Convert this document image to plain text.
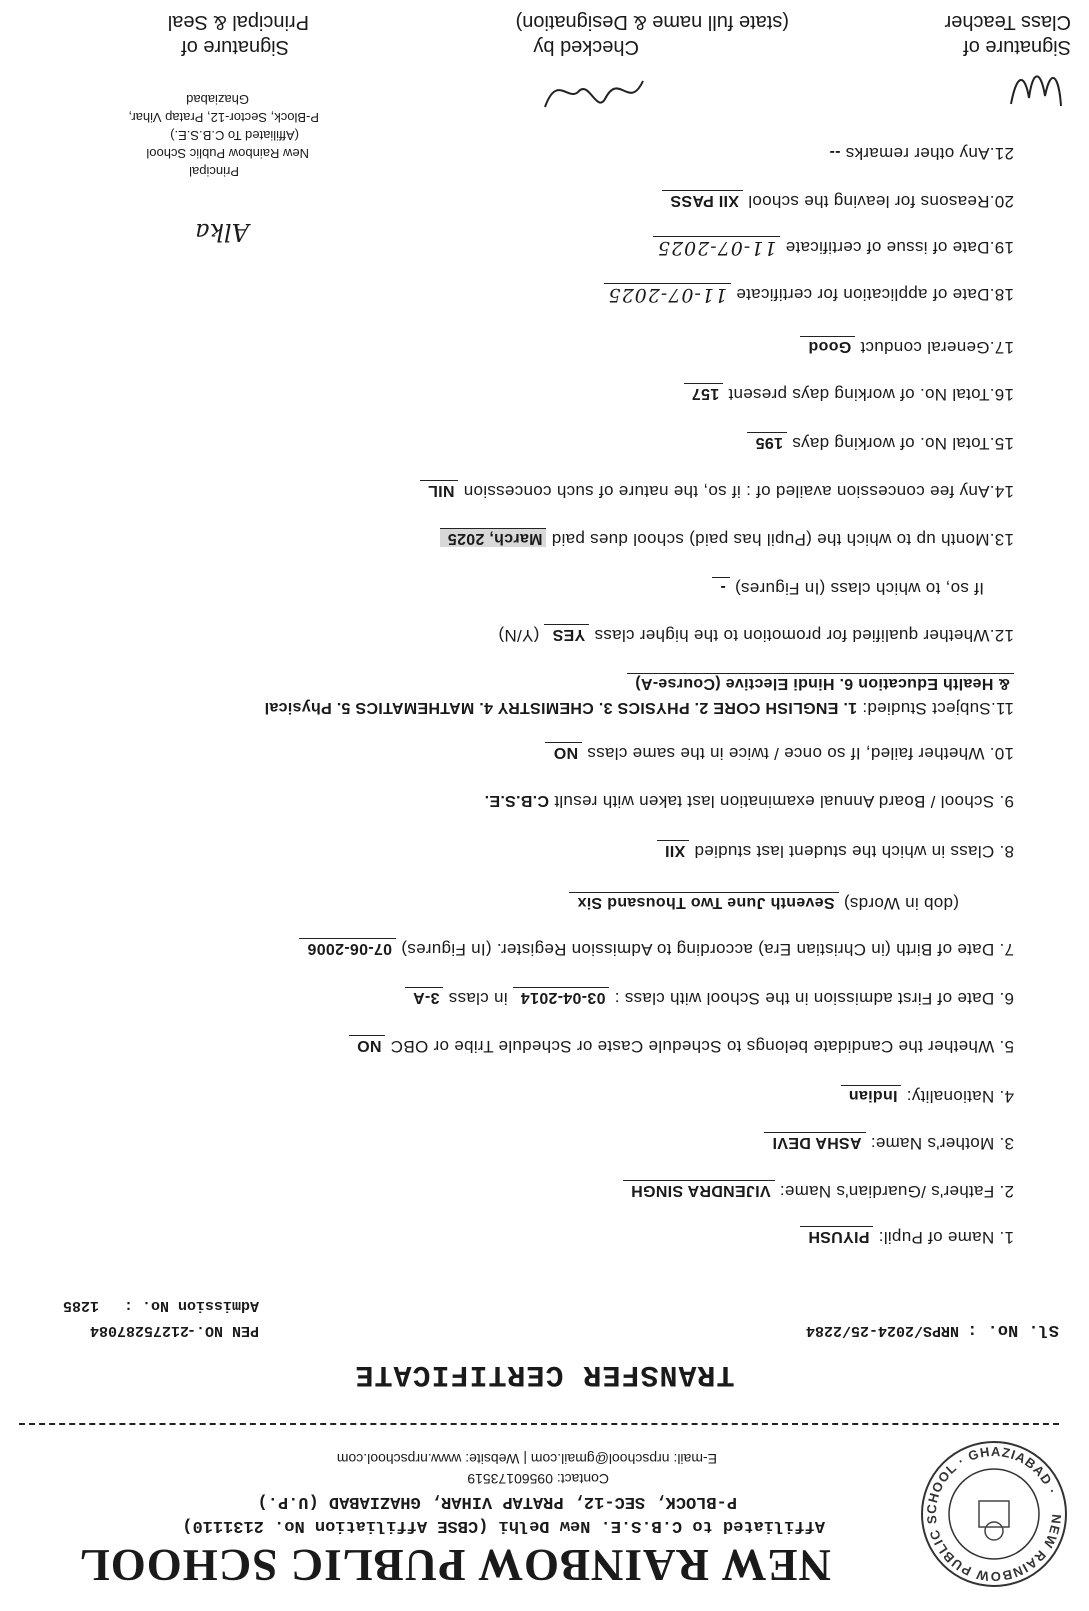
NEW RAINBOW PUBLIC SCHOOL · GHAZIABAD ·
NEW RAINBOW PUBLIC SCHOOL
Affiliated to C.B.S.E. New Delhi (CBSE Affiliation No. 2131110)
P-BLOCK, SEC-12, PRATAP VIHAR, GHAZIABAD (U.P.)
Contact: 09560173519
E-mail: nrpschool@gmail.com | Website: www.nrpschool.com
TRANSFER CERTIFICATE
Sl. No. :
NRPS/2024-25/2284
PEN NO.-
21275287084
Admission No. :
1285
1. Name of Pupil: PIYUSH
2. Father's /Guardian's Name: VIJENDRA SINGH
3. Mother's Name: ASHA DEVI
4. Nationality: Indian
5. Whether the Candidate belongs to Schedule Caste or Schedule Tribe or OBC NO
6. Date of First admission in the School with class : 03-04-2014 in class 3-A
7. Date of Birth (in Christian Era) according to Admission Register. (In Figures) 07-06-2006
(dob in Words) Seventh June Two Thousand Six
8. Class in which the student last studied XII
9. School / Board Annual examination last taken with result C.B.S.E.
10. Whether failed, If so once / twice in the same class NO
11.Subject Studied: 1. ENGLISH CORE 2. PHYSICS 3. CHEMISTRY 4. MATHEMATICS 5. Physical
& Health Education 6. Hindi Elective (Course-A)
12.Whether qualified for promotion to the higher class YES (Y/N)
If so, to which class (In Figures) -
13.Month up to which the (Pupil has paid) school dues paid March, 2025
14.Any fee concession availed of : if so, the nature of such concession NIL
15.Total No. of working days 195
16.Total No. of working days present 157
17.General conduct Good
18.Date of application for certificate 11-07-2025
19.Date of issue of certificate 11-07-2025
20.Reasons for leaving the school XII PASS
21.Any other remarks --
Alka
Principal
New Rainbow Public School
(Affiliated To C.B.S.E.)
P-Block, Sector-12, Pratap Vihar,
Ghaziabad
Signature of
Class Teacher
Checked by
(state full name & Designation)
Signature of
Principal & Seal
